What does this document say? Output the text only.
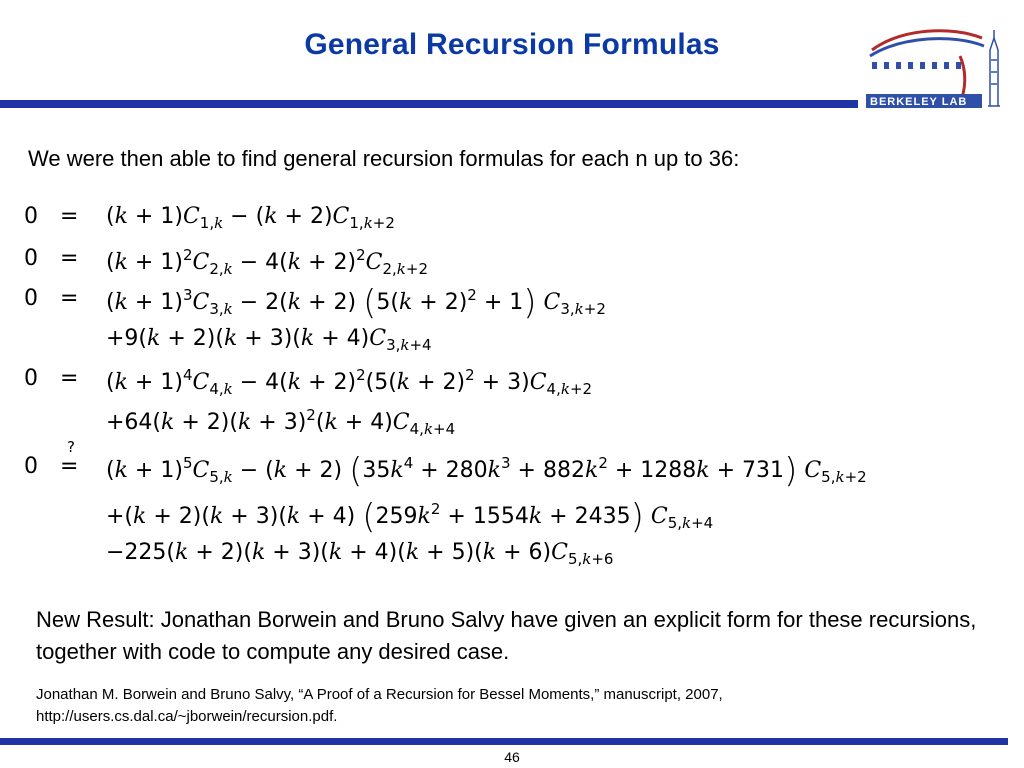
General Recursion Formulas
BERKELEY LAB
We were then able to find general recursion formulas for each n up to 36:
$0 = (k + 1)C_{1,k} - (k + 2)C_{1,k+2}$
$0 = (k + 1)^2C_{2,k} - 4(k + 2)^2C_{2,k+2}$
$0 = (k + 1)^3C_{3,k} - 2(k + 2)$ $(5(k + 2)^2 + 1)$ $C_{3,k+2}$
$+9(k + 2)(k + 3)(k + 4)C_{3,k+4}$
$0 = (k + 1)^4C_{4,k} - 4(k + 2)^2(5(k + 2)^2 + 3)C_{4,k+2}$
$+64(k + 2)(k + 3)^2(k + 4)C_{4,k+4}$
0
?
= $(k + 1)^5C_{5,k} - (k + 2)$ $(35k^4 + 280k^3 + 882k^2 + 1288k + 731)$ $C_{5,k+2}$
+(k + 2)(k + 3)(k + 4) $(259k^2 + 1554k + 2435)$ $C_{5,k+4}$
$-225(k + 2)(k + 3)(k + 4)(k + 5)(k + 6)C_{5,k+6}$
New Result: Jonathan Borwein and Bruno Salvy have given an explicit form for these recursions, together with code to compute any desired case.
Jonathan M. Borwein and Bruno Salvy, “A Proof of a Recursion for Bessel Moments,” manuscript, 2007,
http://users.cs.dal.ca/~jborwein/recursion.pdf.
46
